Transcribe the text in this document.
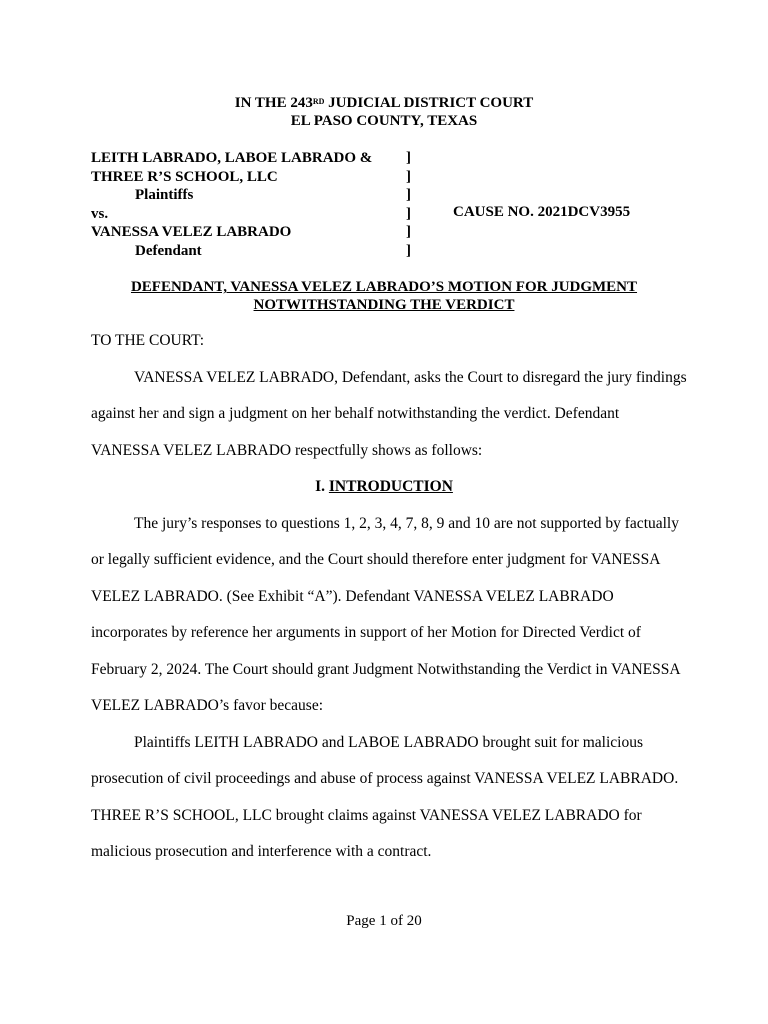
IN THE 243RD JUDICIAL DISTRICT COURT
EL PASO COUNTY, TEXAS
LEITH LABRADO, LABOE LABRADO &
THREE R’S SCHOOL, LLC
Plaintiffs
vs.
VANESSA VELEZ LABRADO
Defendant
]
]
]
]
]
]
CAUSE NO. 2021DCV3955
DEFENDANT, VANESSA VELEZ LABRADO’S MOTION FOR JUDGMENT
NOTWITHSTANDING THE VERDICT
TO THE COURT:
VANESSA VELEZ LABRADO, Defendant, asks the Court to disregard the jury findings
against her and sign a judgment on her behalf notwithstanding the verdict. Defendant
VANESSA VELEZ LABRADO respectfully shows as follows:
I. INTRODUCTION
The jury’s responses to questions 1, 2, 3, 4, 7, 8, 9 and 10 are not supported by factually
or legally sufficient evidence, and the Court should therefore enter judgment for VANESSA
VELEZ LABRADO. (See Exhibit “A”). Defendant VANESSA VELEZ LABRADO
incorporates by reference her arguments in support of her Motion for Directed Verdict of
February 2, 2024. The Court should grant Judgment Notwithstanding the Verdict in VANESSA
VELEZ LABRADO’s favor because:
Plaintiffs LEITH LABRADO and LABOE LABRADO brought suit for malicious
prosecution of civil proceedings and abuse of process against VANESSA VELEZ LABRADO.
THREE R’S SCHOOL, LLC brought claims against VANESSA VELEZ LABRADO for
malicious prosecution and interference with a contract.
Page 1 of 20
